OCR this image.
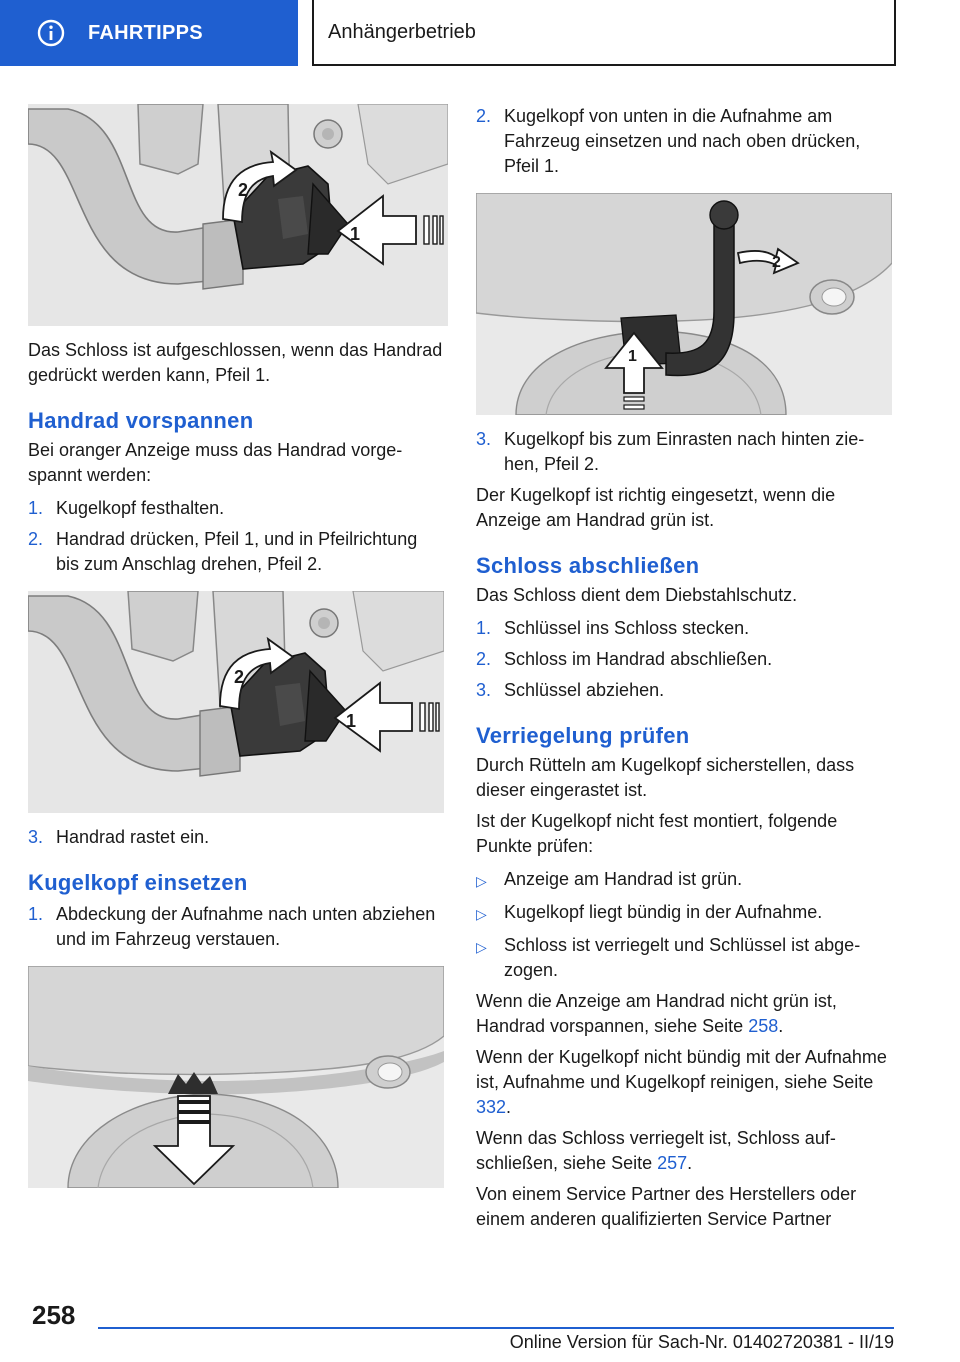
FAHRTIPPS	Anhängerbetrieb
1
2

Das Schloss ist aufgeschlossen, wenn das Handrad gedrückt werden kann, Pfeil 1.

Handrad vorspannen

Bei oranger Anzeige muss das Handrad vorgespannt werden:

1. Kugelkopf festhalten.
2. Handrad drücken, Pfeil 1, und in Pfeilrichtung bis zum Anschlag drehen, Pfeil 2.
1
2
3. Handrad rastet ein.
Kugelkopf einsetzen
1. Abdeckung der Aufnahme nach unten abziehen und im Fahrzeug verstauen.
2. Kugelkopf von unten in die Aufnahme am Fahrzeug einsetzen und nach oben drücken, Pfeil 1.
1
2
3. Kugelkopf bis zum Einrasten nach hinten ziehen, Pfeil 2.

Der Kugelkopf ist richtig eingesetzt, wenn die Anzeige am Handrad grün ist.

Schloss abschließen

Das Schloss dient dem Diebstahlschutz.

1. Schlüssel ins Schloss stecken.
2. Schloss im Handrad abschließen.
3. Schlüssel abziehen.
Verriegelung prüfen

Durch Rütteln am Kugelkopf sicherstellen, dass dieser eingerastet ist.

Ist der Kugelkopf nicht fest montiert, folgende Punkte prüfen:

▷ Anzeige am Handrad ist grün.
▷ Kugelkopf liegt bündig in der Aufnahme.
▷ Schloss ist verriegelt und Schlüssel ist abgezogen.

Wenn die Anzeige am Handrad nicht grün ist, Handrad vorspannen, siehe Seite 258.

Wenn der Kugelkopf nicht bündig mit der Aufnahme ist, Aufnahme und Kugelkopf reinigen, siehe Seite 332.

Wenn das Schloss verriegelt ist, Schloss aufschließen, siehe Seite 257.

Von einem Service Partner des Herstellers oder einem anderen qualifizierten Service Partner

258
Online Version für Sach-Nr. 01402720381 - II/19
